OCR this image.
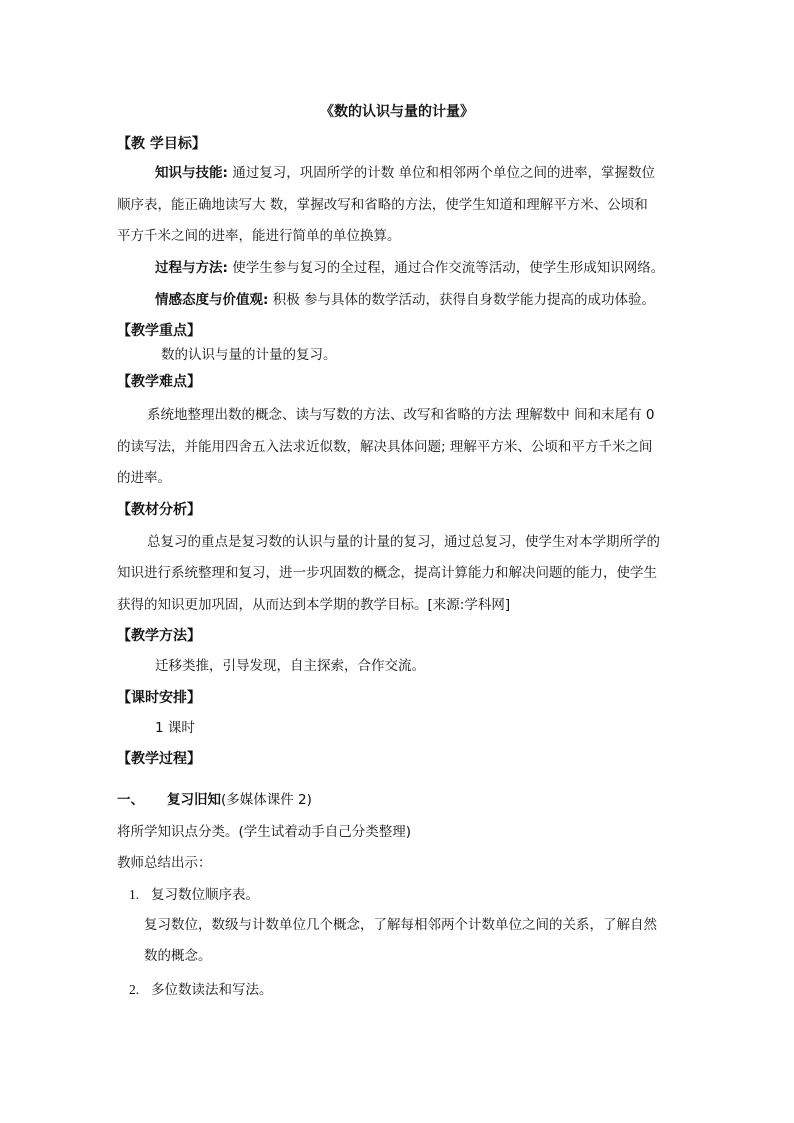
《数的认识与量的计量》
【教 学目标】
知识与技能: 通过复习，巩固所学的计数 单位和相邻两个单位之间的进率，掌握数位
顺序表，能正确地读写大 数，掌握改写和省略的方法，使学生知道和理解平方米、公顷和
平方千米之间的进率，能进行简单的单位换算。
过程与方法: 使学生参与复习的全过程，通过合作交流等活动，使学生形成知识网络。
情感态度与价值观: 积极 参与具体的数学活动，获得自身数学能力提高的成功体验。
【教学重点】
数的认识与量的计量的复习。
【教学难点】
系统地整理出数的概念、读与写数的方法、改写和省略的方法 理解数中 间和末尾有 0
的读写法，并能用四舍五入法求近似数，解决具体问题; 理解平方米、公顷和平方千米之间
的进率。
【教材分析】
总复习的重点是复习数的认识与量的计量的复习，通过总复习，使学生对本学期所学的
知识进行系统整理和复习，进一步巩固数的概念，提高计算能力和解决问题的能力，使学生
获得的知识更加巩固，从而达到本学期的教学目标。[来源:学科网]
【教学方法】
迁移类推，引导发现，自主探索，合作交流。
【课时安排】
1 课时
【教学过程】
一、 复习旧知(多媒体课件 2)
将所学知识点分类。(学生试着动手自己分类整理)
教师总结出示：
1. 复习数位顺序表。
复习数位，数级与计数单位几个概念，了解每相邻两个计数单位之间的关系，了解自然
数的概念。
2. 多位数读法和写法。
